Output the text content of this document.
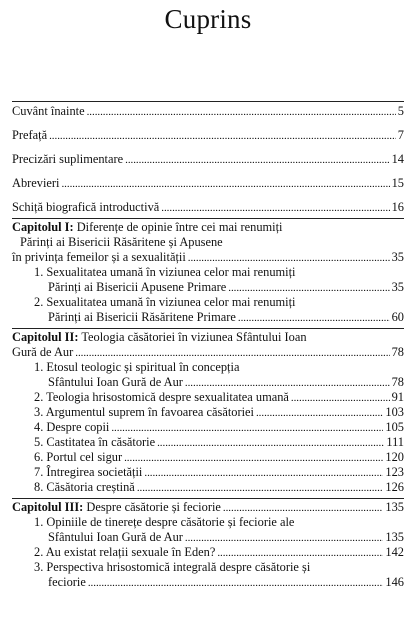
Cuprins
Cuvânt înainte . . .	5
Prefață . . .	7
Precizări suplimentare . . .	14
Abrevieri . . .	15
Schiță biografică introductivă . . .	16
Capitolul I: Diferențe de opinie între cei mai renumiți
Părinți ai Bisericii Răsăritene și Apusene
în privința femeilor și a sexualității . . .	35
1. Sexualitatea umană în viziunea celor mai renumiți
Părinți ai Bisericii Apusene Primare . . .	35
2. Sexualitatea umană în viziunea celor mai renumiți
Părinți ai Bisericii Răsăritene Primare . . .	60
Capitolul II: Teologia căsătoriei în viziunea Sfântului Ioan
Gură de Aur . . .	78
1. Etosul teologic și spiritual în concepția
Sfântului Ioan Gură de Aur . . .	78
2. Teologia hrisostomică despre sexualitatea umană . . .	91
3. Argumentul suprem în favoarea căsătoriei . . .	103
4. Despre copii . . .	105
5. Castitatea în căsătorie . . .	111
6. Portul cel sigur . . .	120
7. Întregirea societății . . .	123
8. Căsătoria creștină . . .	126
Capitolul III: Despre căsătorie și feciorie . . .	135
1. Opiniile de tinerețe despre căsătorie și feciorie ale
Sfântului Ioan Gură de Aur . . .	135
2. Au existat relații sexuale în Eden? . . .	142
3. Perspectiva hrisostomică integrală despre căsătorie și
feciorie . . .	146
